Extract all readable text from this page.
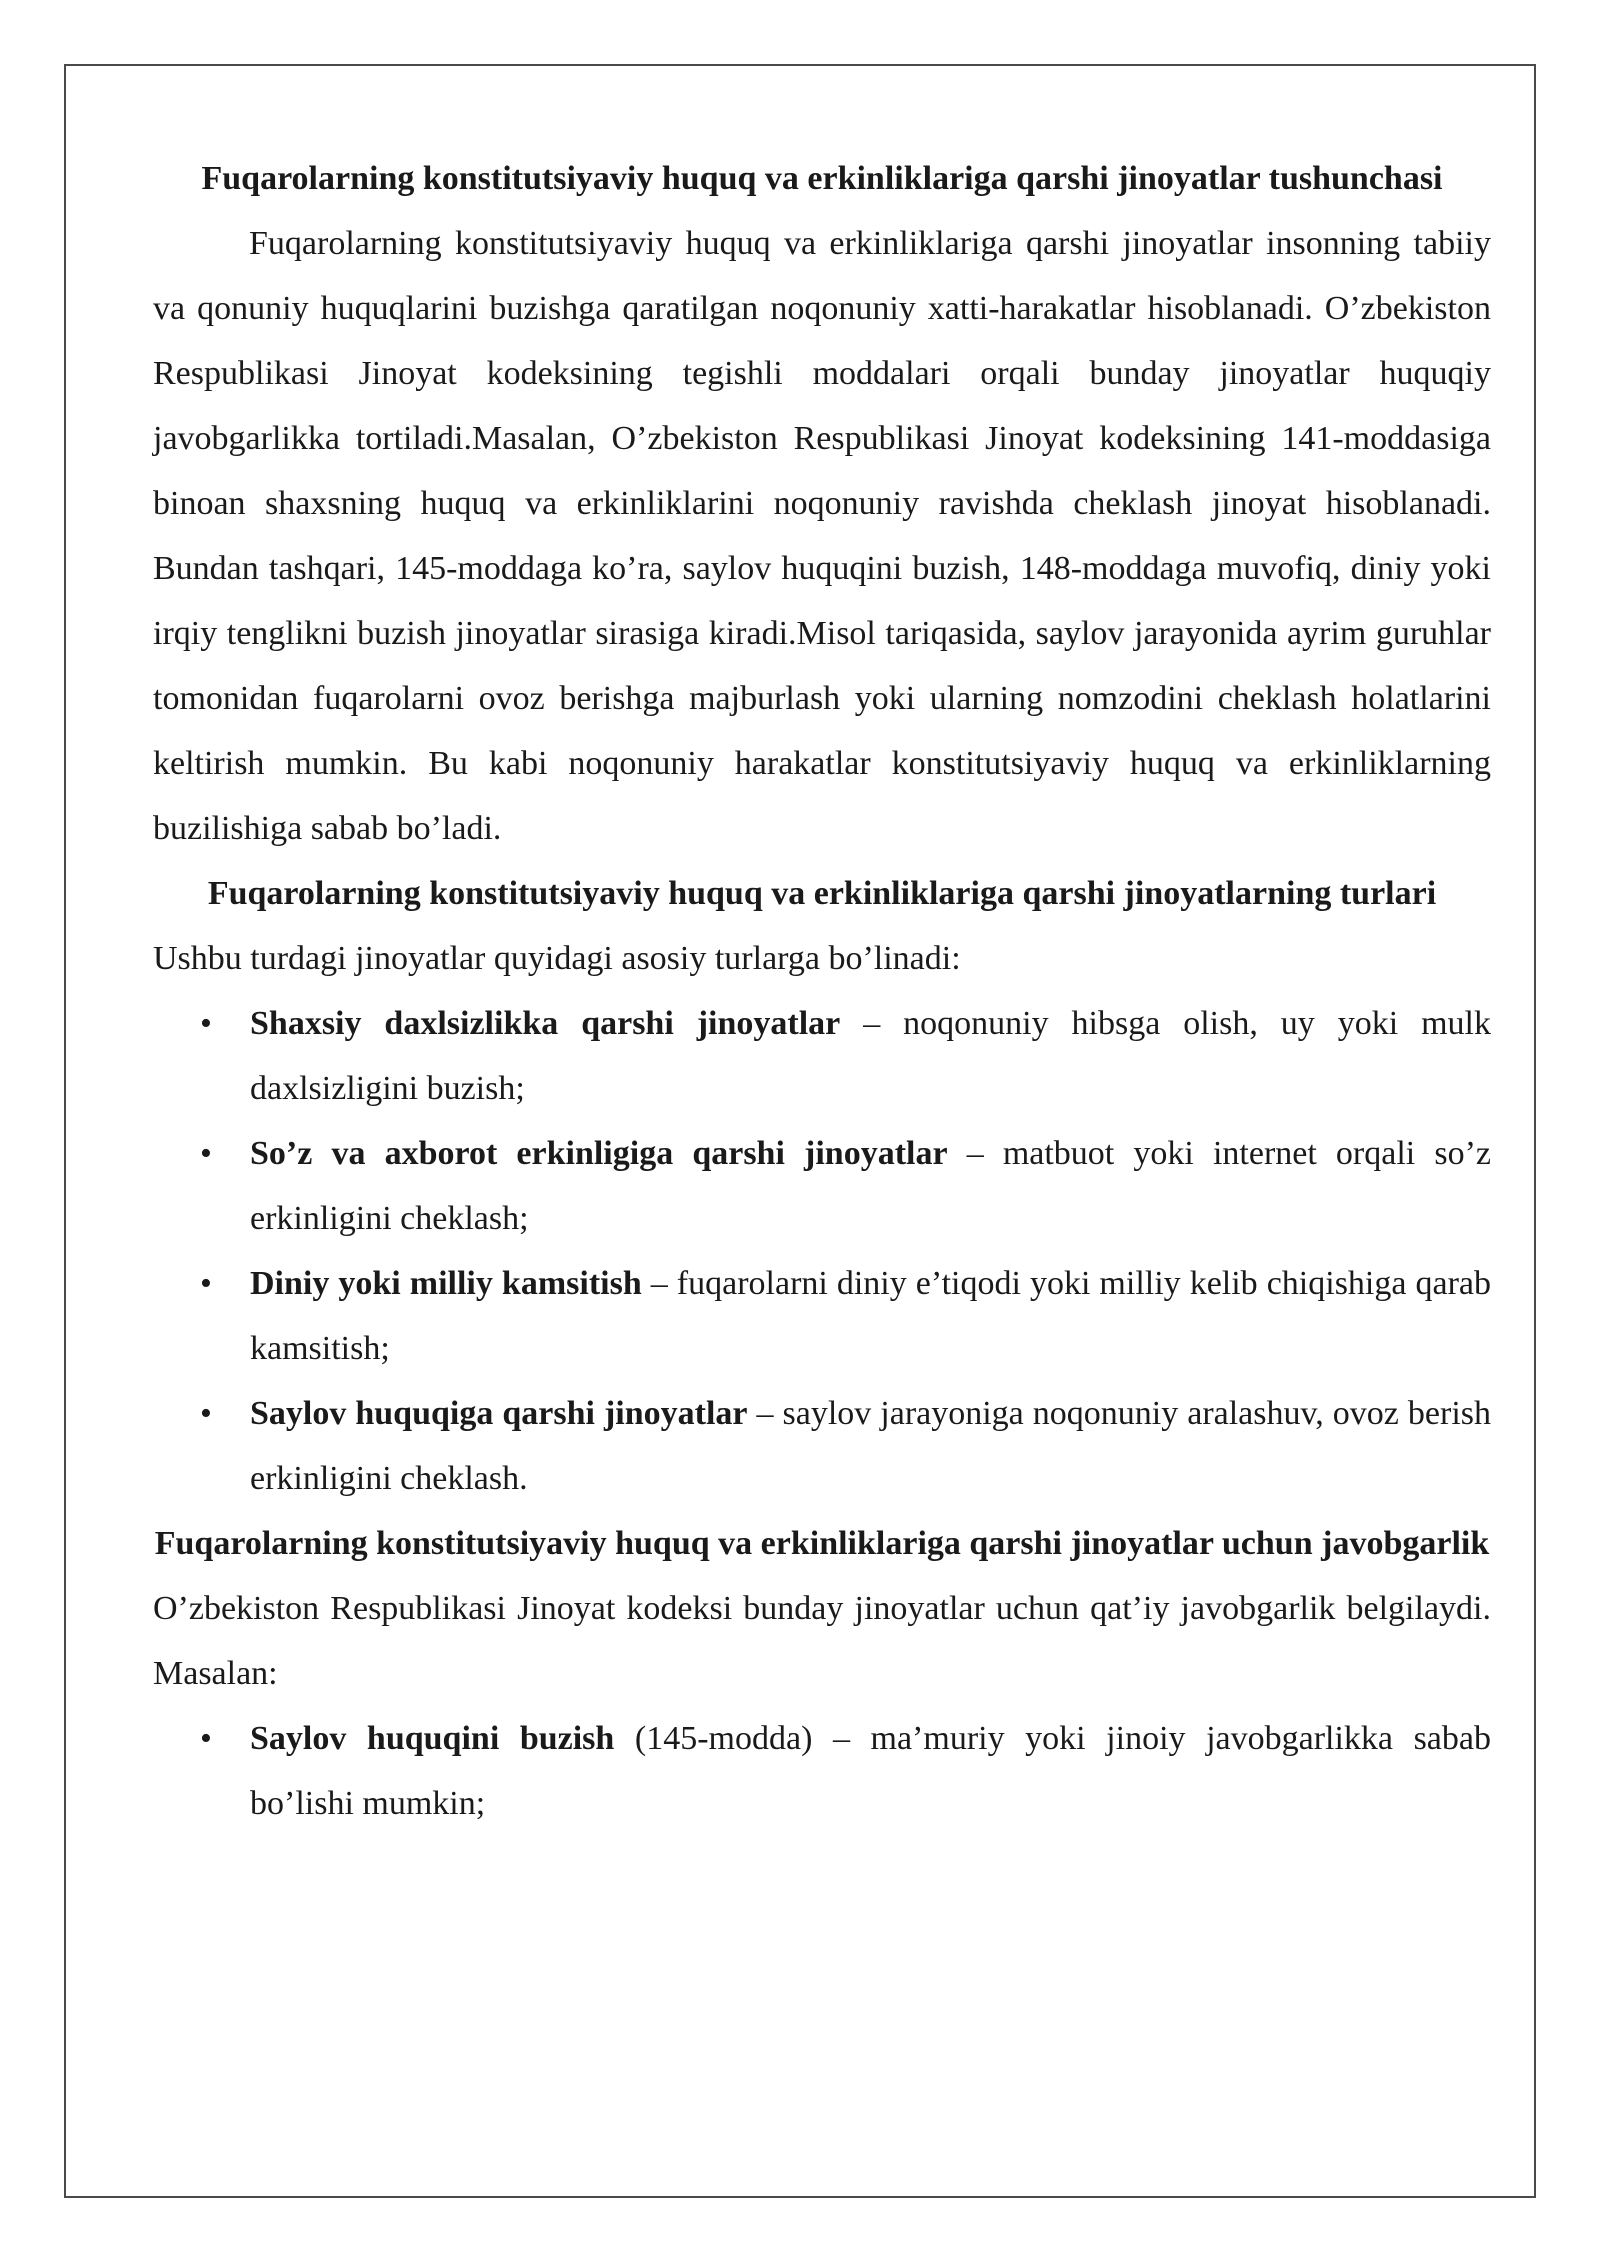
Fuqarolarning konstitutsiyaviy huquq va erkinliklariga qarshi jinoyatlar tushunchasi

Fuqarolarning konstitutsiyaviy huquq va erkinliklariga qarshi jinoyatlar insonning tabiiy va qonuniy huquqlarini buzishga qaratilgan noqonuniy xatti-harakatlar hisoblanadi. O’zbekiston Respublikasi Jinoyat kodeksining tegishli moddalari orqali bunday jinoyatlar huquqiy javobgarlikka tortiladi.Masalan, O’zbekiston Respublikasi Jinoyat kodeksining 141-moddasiga binoan shaxsning huquq va erkinliklarini noqonuniy ravishda cheklash jinoyat hisoblanadi. Bundan tashqari, 145-moddaga ko’ra, saylov huquqini buzish, 148-moddaga muvofiq, diniy yoki irqiy tenglikni buzish jinoyatlar sirasiga kiradi.Misol tariqasida, saylov jarayonida ayrim guruhlar tomonidan fuqarolarni ovoz berishga majburlash yoki ularning nomzodini cheklash holatlarini keltirish mumkin. Bu kabi noqonuniy harakatlar konstitutsiyaviy huquq va erkinliklarning buzilishiga sabab bo’ladi.

Fuqarolarning konstitutsiyaviy huquq va erkinliklariga qarshi jinoyatlarning turlari

Ushbu turdagi jinoyatlar quyidagi asosiy turlarga bo’linadi:

• Shaxsiy daxlsizlikka qarshi jinoyatlar – noqonuniy hibsga olish, uy yoki mulk daxlsizligini buzish;
• So’z va axborot erkinligiga qarshi jinoyatlar – matbuot yoki internet orqali so’z erkinligini cheklash;
• Diniy yoki milliy kamsitish – fuqarolarni diniy e’tiqodi yoki milliy kelib chiqishiga qarab kamsitish;
• Saylov huquqiga qarshi jinoyatlar – saylov jarayoniga noqonuniy aralashuv, ovoz berish erkinligini cheklash.
Fuqarolarning konstitutsiyaviy huquq va erkinliklariga qarshi jinoyatlar uchun javobgarlik

O’zbekiston Respublikasi Jinoyat kodeksi bunday jinoyatlar uchun qat’iy javobgarlik belgilaydi. Masalan:

• Saylov huquqini buzish (145-modda) – ma’muriy yoki jinoiy javobgarlikka sabab bo’lishi mumkin;
